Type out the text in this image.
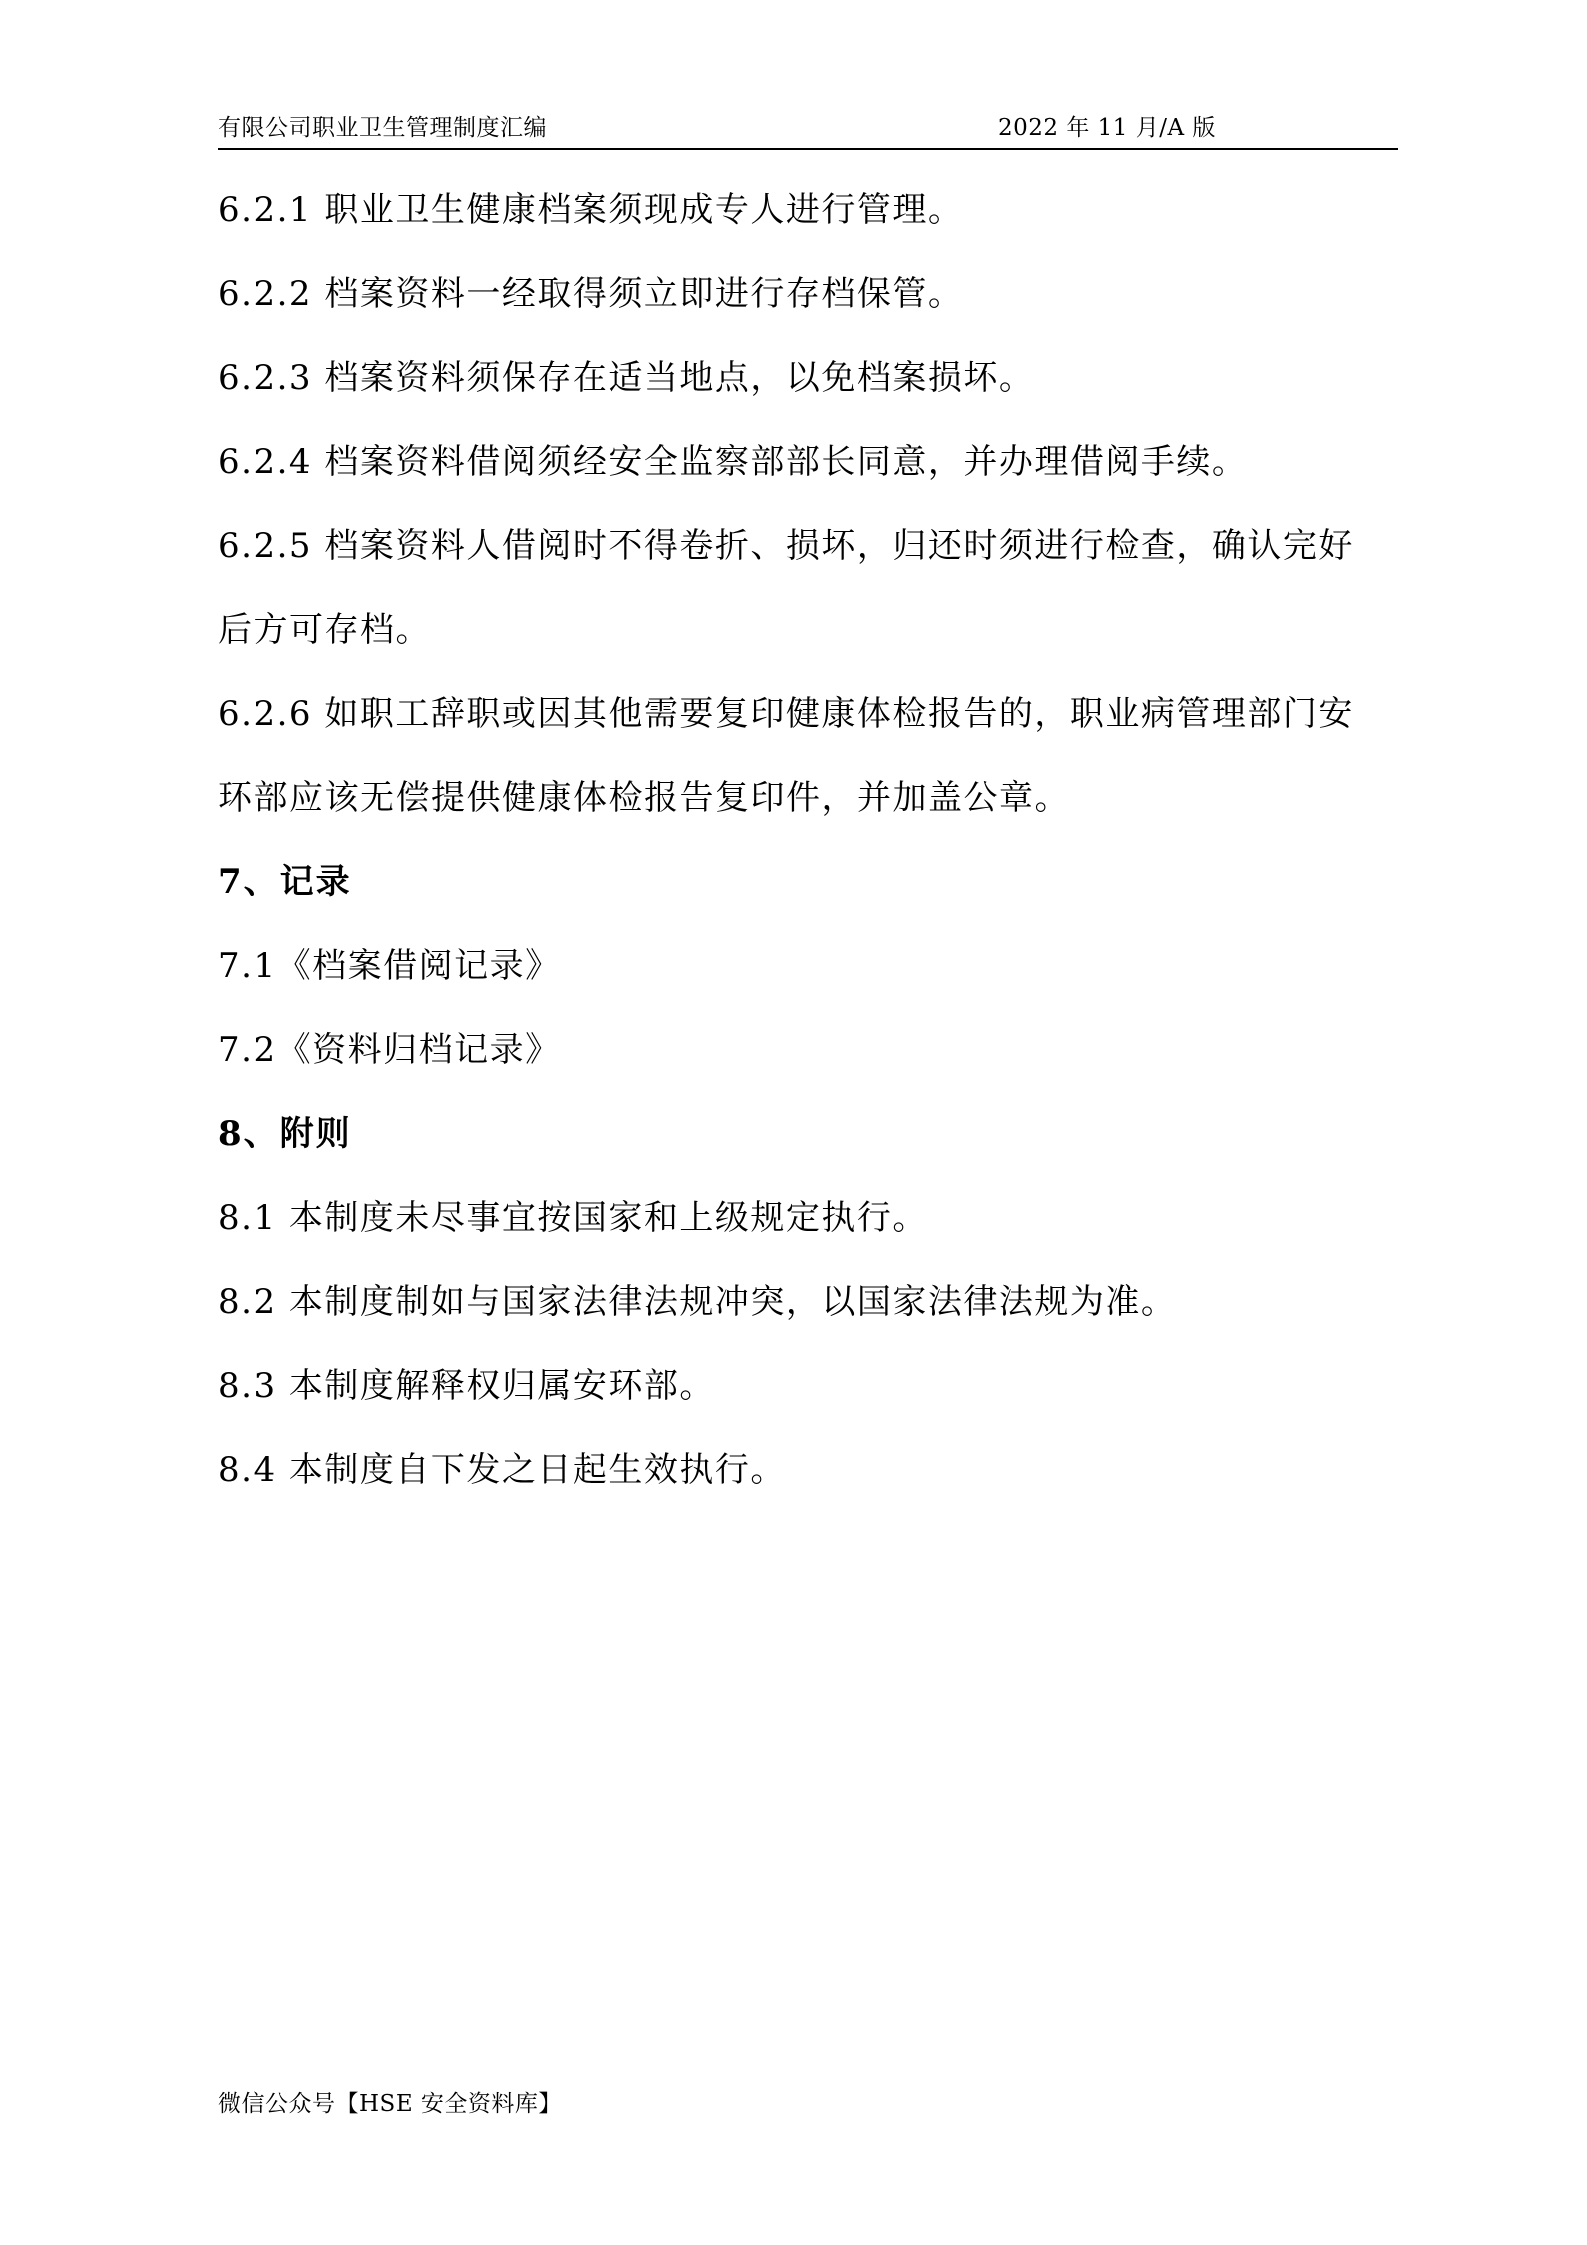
有限公司职业卫生管理制度汇编	2022 年 11 月/A 版

6.2.1 职业卫生健康档案须现成专人进行管理。

6.2.2 档案资料一经取得须立即进行存档保管。

6.2.3 档案资料须保存在适当地点，以免档案损坏。

6.2.4 档案资料借阅须经安全监察部部长同意，并办理借阅手续。

6.2.5 档案资料人借阅时不得卷折、损坏，归还时须进行检查，确认完好

后方可存档。

6.2.6 如职工辞职或因其他需要复印健康体检报告的，职业病管理部门安

环部应该无偿提供健康体检报告复印件，并加盖公章。

7、记录

7.1《档案借阅记录》

7.2《资料归档记录》

8、附则

8.1 本制度未尽事宜按国家和上级规定执行。

8.2 本制度制如与国家法律法规冲突，以国家法律法规为准。

8.3 本制度解释权归属安环部。

8.4 本制度自下发之日起生效执行。

微信公众号【HSE 安全资料库】
